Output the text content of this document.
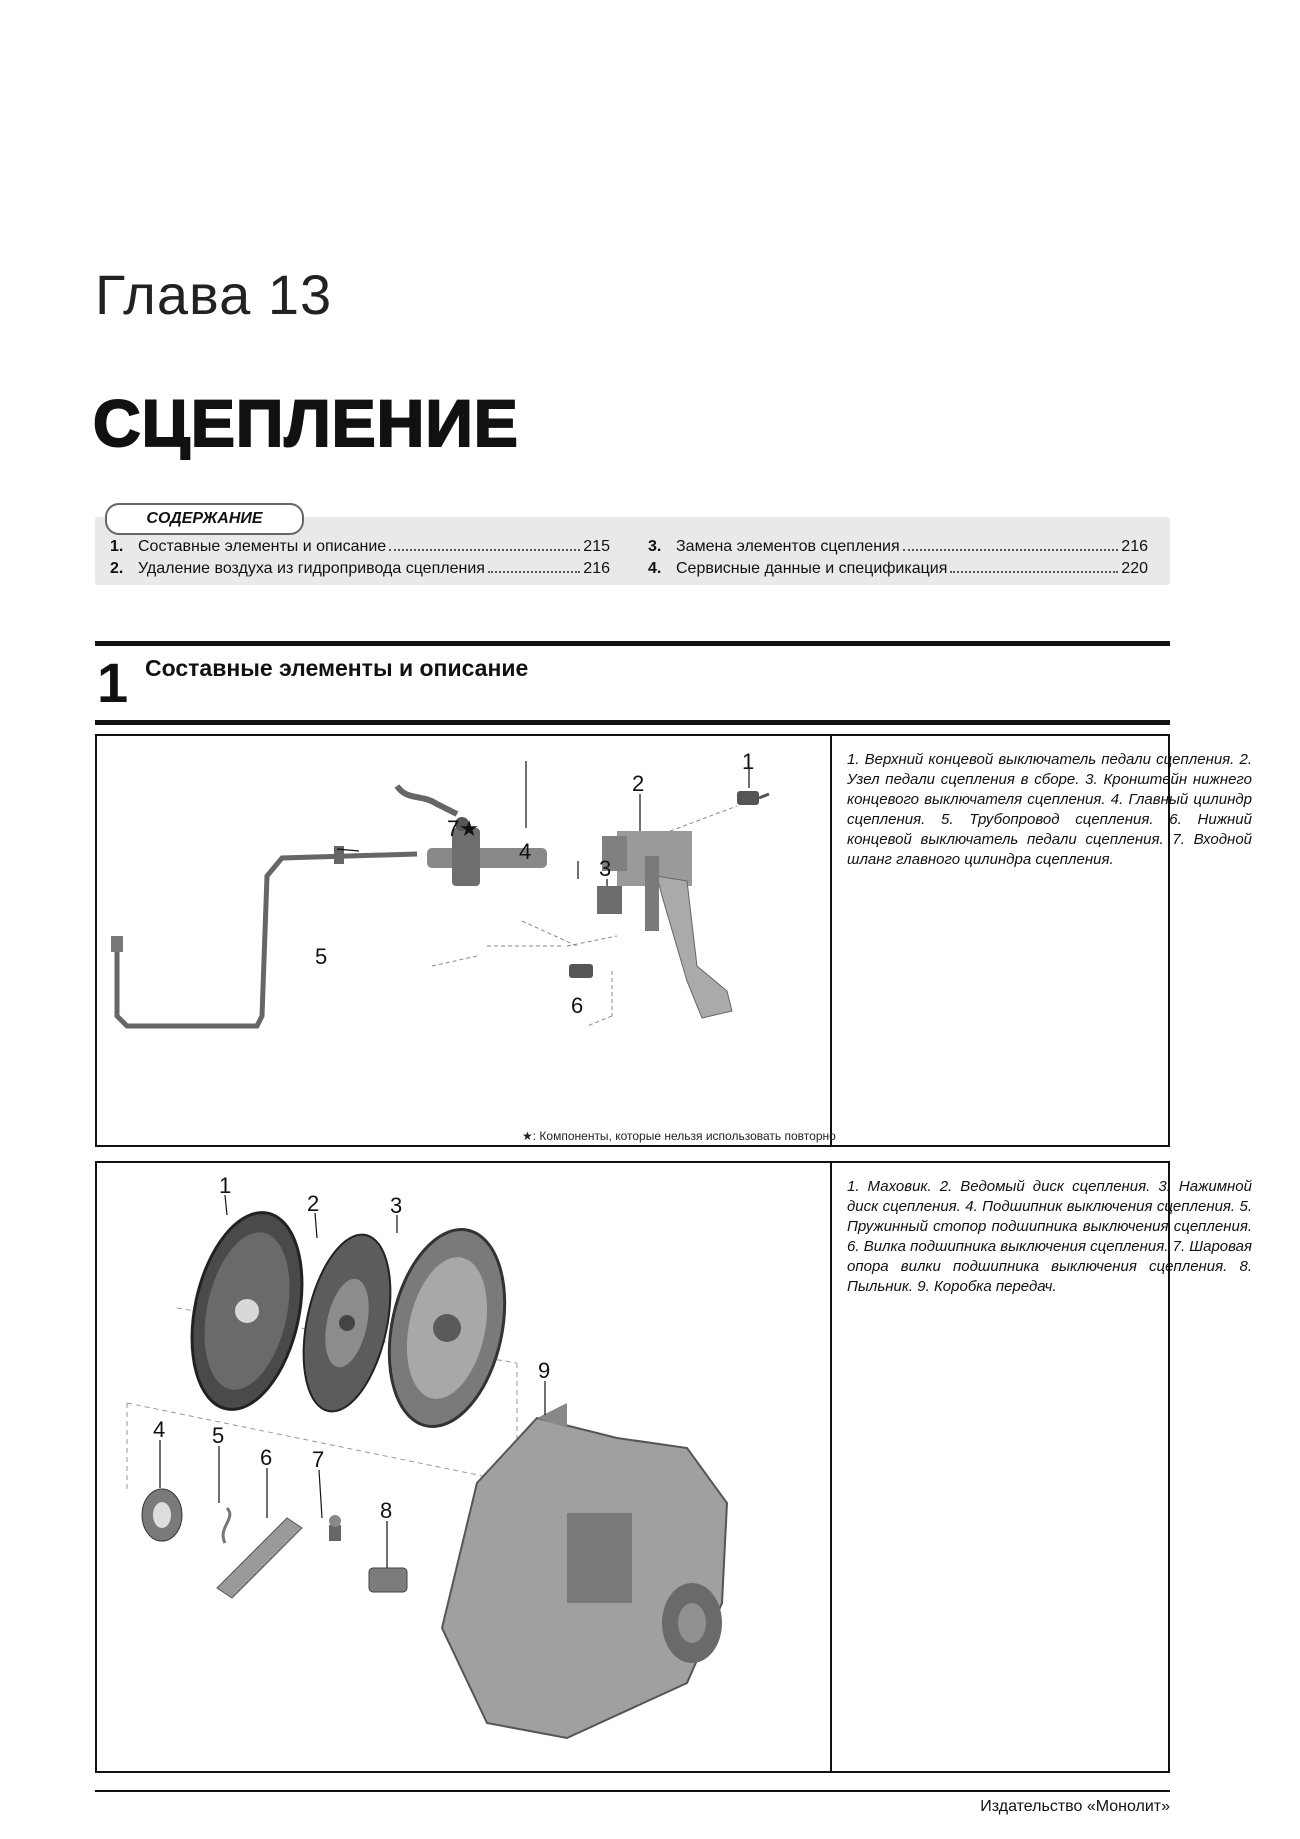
Глава 13
СЦЕПЛЕНИЕ
СОДЕРЖАНИЕ
1. Составные элементы и описание	215
2. Удаление воздуха из гидропривода сцепления	216
3. Замена элементов сцепления	216
4. Сервисные данные и спецификация	220
1 Составные элементы и описание
1
2
3
4
5
6
7★
★: Компоненты, которые нельзя использовать повторно
1. Верхний концевой выключатель педали сцепления. 2. Узел педали сцепления в сборе. 3. Кронштейн нижнего концевого выключателя сцепления. 4. Главный цилиндр сцепления. 5. Трубопровод сцепления. 6. Нижний концевой выключатель педали сцепления. 7. Входной шланг главного цилиндра сцепления.
1
2	3
4 5
6 7
8
9
1. Маховик. 2. Ведомый диск сцепления. 3. Нажимной диск сцепления. 4. Подшипник выключения сцепления. 5. Пружинный стопор подшипника выключения сцепления. 6. Вилка подшипника выключения сцепления. 7. Шаровая опора вилки подшипника выключения сцепления. 8. Пыльник. 9. Коробка передач.
Издательство «Монолит»
